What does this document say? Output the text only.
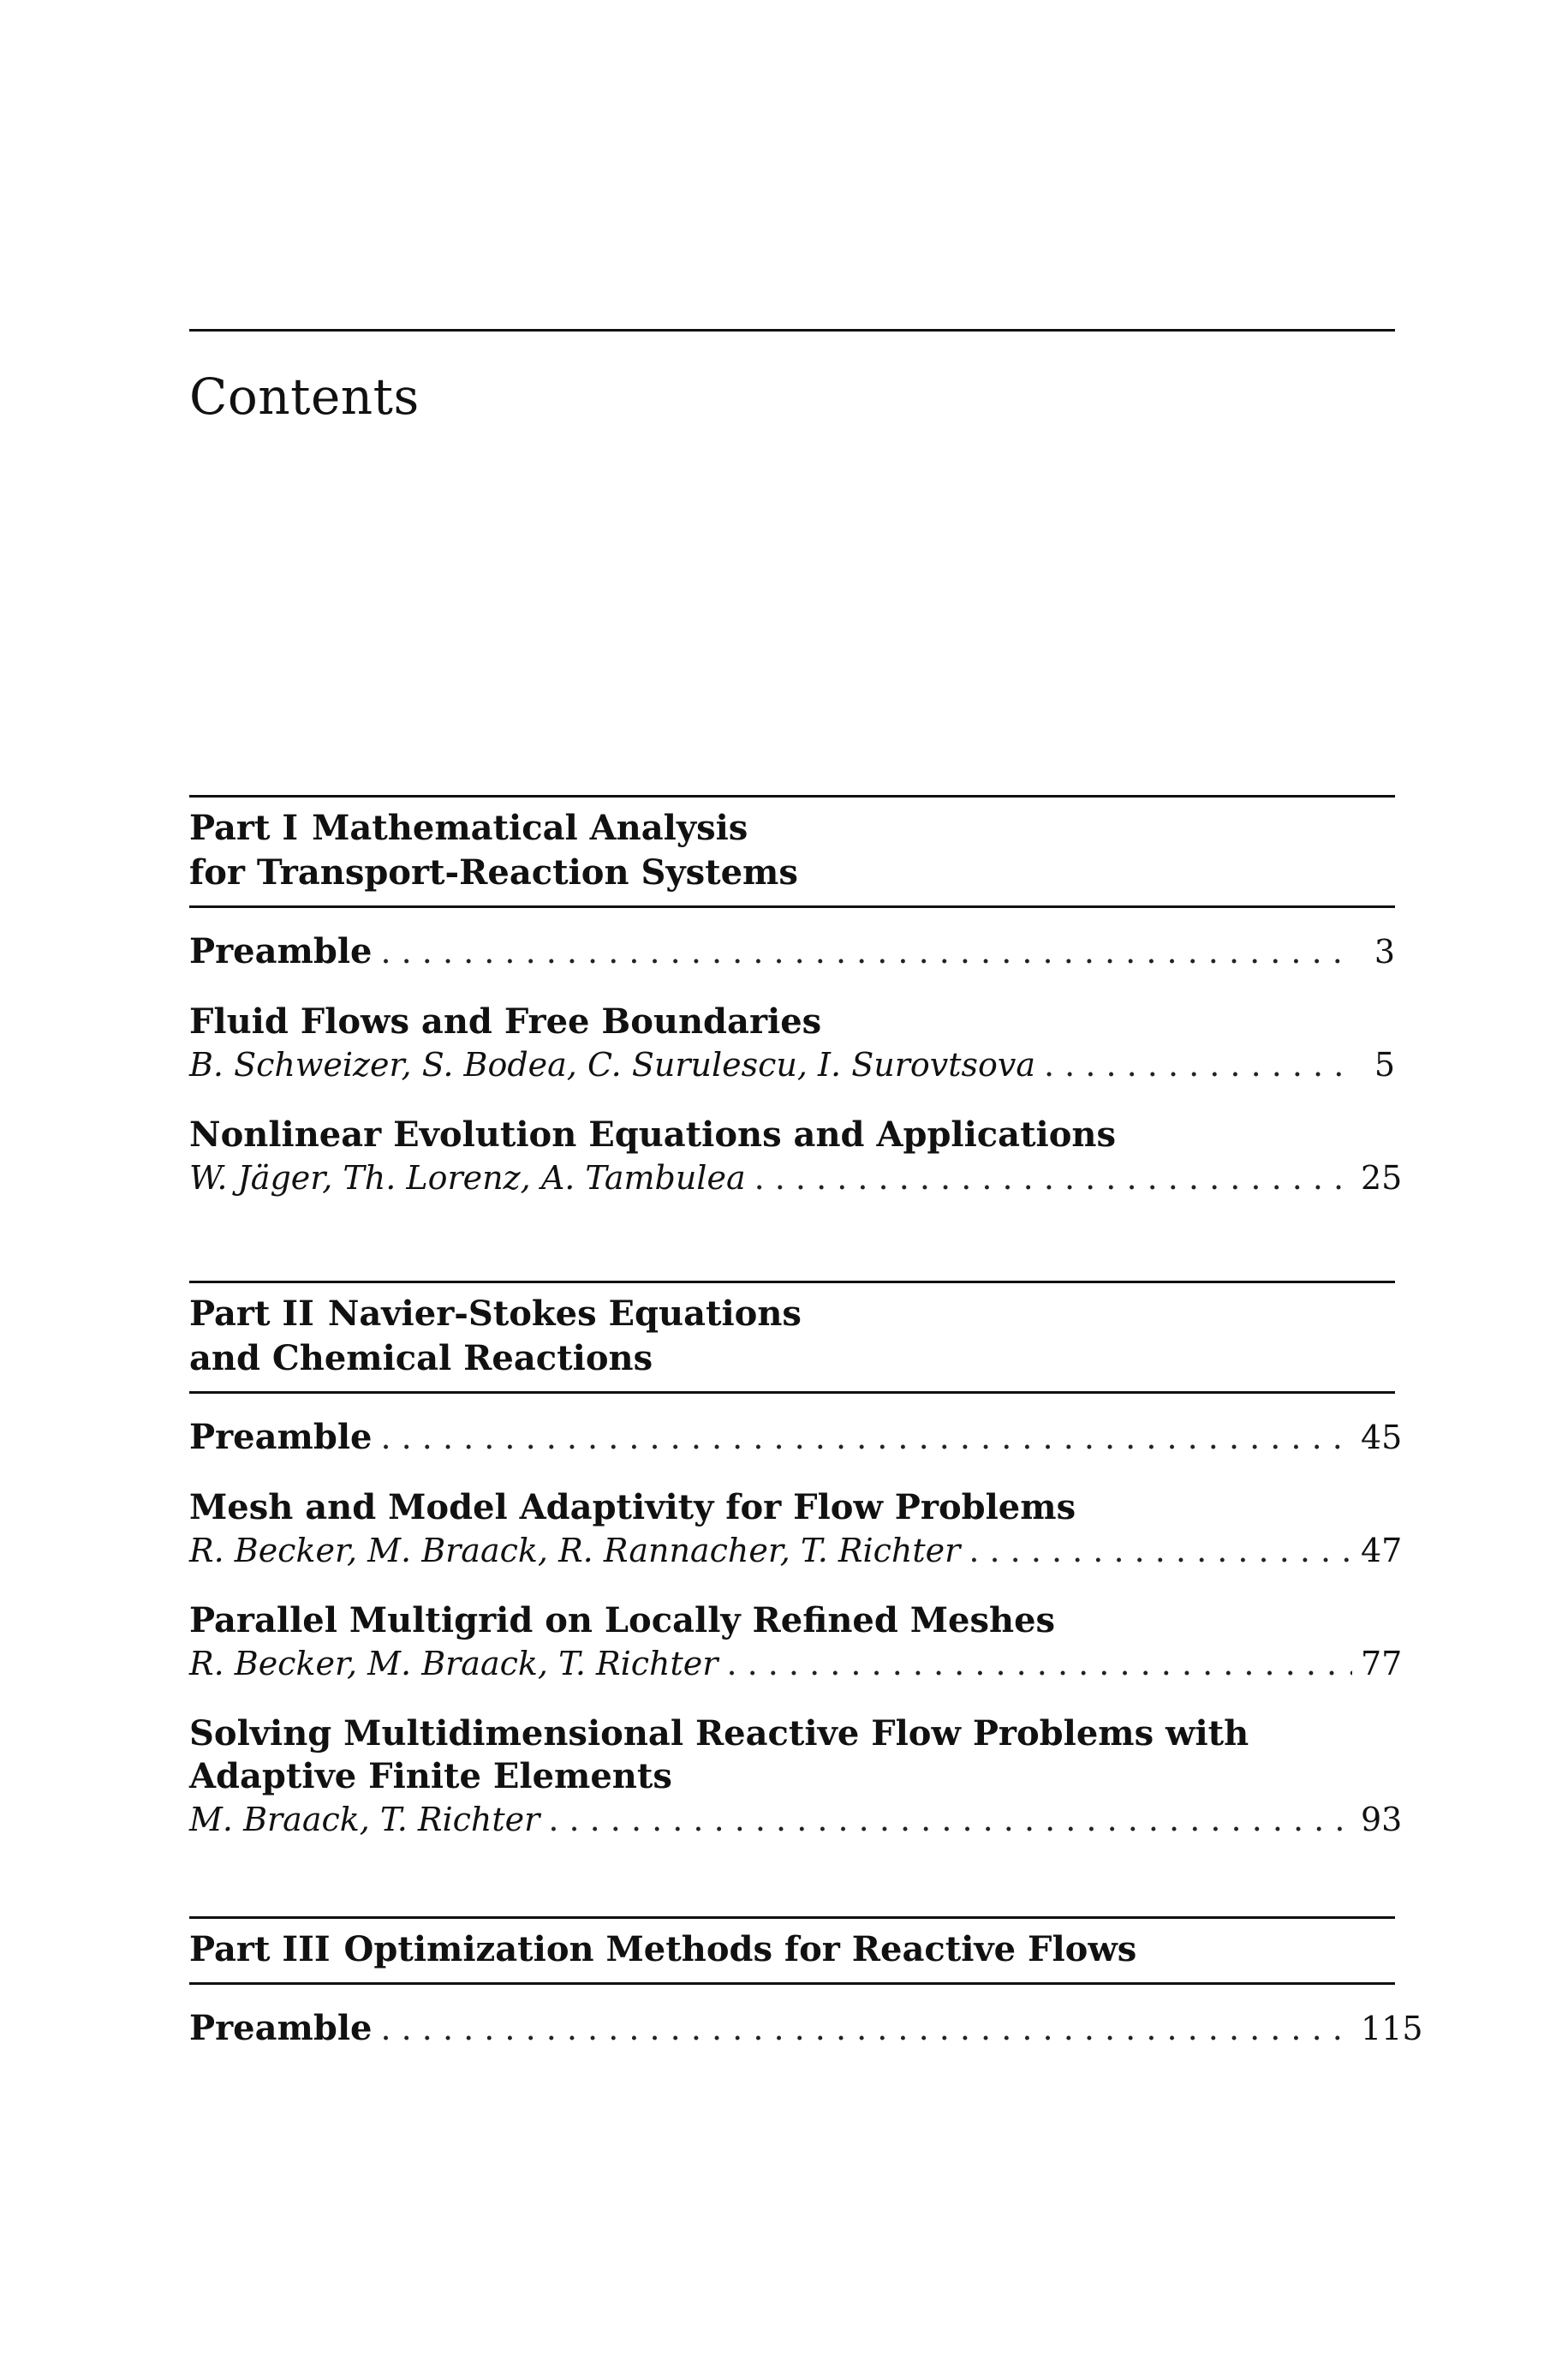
Contents
Part I Mathematical Analysis
for Transport-Reaction Systems
Preamble . . .	3
Fluid Flows and Free Boundaries
B. Schweizer, S. Bodea, C. Surulescu, I. Surovtsova . . .	5
Nonlinear Evolution Equations and Applications
W. Jäger, Th. Lorenz, A. Tambulea . . .	25
Part II Navier-Stokes Equations
and Chemical Reactions
Preamble . . .	45
Mesh and Model Adaptivity for Flow Problems
R. Becker, M. Braack, R. Rannacher, T. Richter . . .	47
Parallel Multigrid on Locally Refined Meshes
R. Becker, M. Braack, T. Richter . . .	77
Solving Multidimensional Reactive Flow Problems with
Adaptive Finite Elements
M. Braack, T. Richter . . .	93
Part III Optimization Methods for Reactive Flows
Preamble . . .	115
